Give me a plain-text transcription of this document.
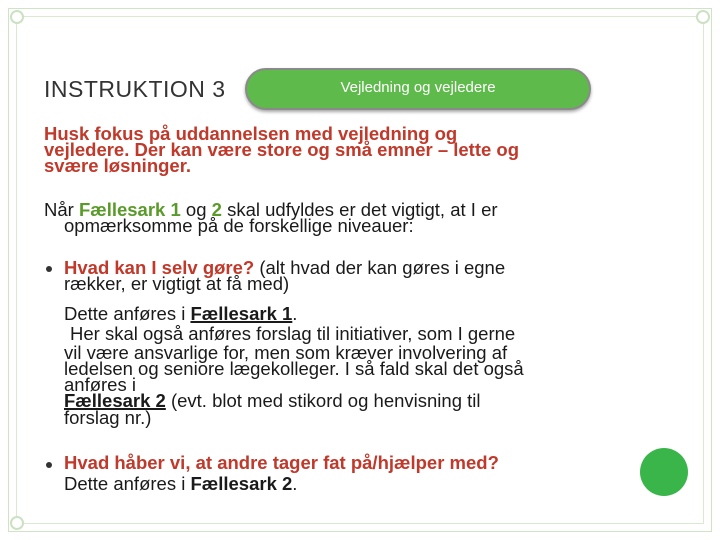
INSTRUKTION 3	Vejledning og vejledere
Husk fokus på uddannelsen med vejledning og
vejledere. Der kan være store og små emner – lette og
svære løsninger.
Når Fællesark 1 og 2 skal udfyldes er det vigtigt, at I er
opmærksomme på de forskellige niveauer:
Hvad kan I selv gøre? (alt hvad der kan gøres i egne
rækker, er vigtigt at få med)
Dette anføres i Fællesark 1.
Her skal også anføres forslag til initiativer, som I gerne
vil være ansvarlige for, men som kræver involvering af
ledelsen og seniore lægekolleger. I så fald skal det også
anføres i
Fællesark 2 (evt. blot med stikord og henvisning til
forslag nr.)
Hvad håber vi, at andre tager fat på/hjælper med?
Dette anføres i Fællesark 2.
